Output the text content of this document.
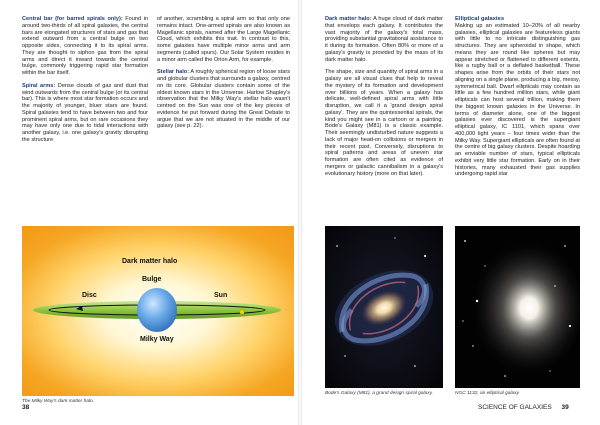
Central bar (for barred spirals only): Found in around two-thirds of all spiral galaxies, the central bars are elongated structures of stars and gas that extend outward from a central bulge on two opposite sides, connecting it to its spiral arms. They are thought to siphon gas from the spiral arms and direct it inward towards the central bulge, commonly triggering rapid star formation within the bar itself.

Spiral arms: Dense clouds of gas and dust that wind outwards from the central bulge (or its central bar). This is where most star formation occurs and the majority of younger, bluer stars are found. Spiral galaxies tend to have between two and four prominent spiral arms, but on rare occasions they may have only one due to tidal interactions with another galaxy, i.e. one galaxy's gravity disrupting the structure

of another, scrambling a spiral arm so that only one remains intact. One-armed spirals are also known as Magellanic spirals, named after the Large Magellanic Cloud, which exhibits this trait. In contrast to this, some galaxies have multiple minor arms and arm segments (called spurs). Our Solar System resides in a minor arm called the Orion Arm, for example.

Stellar halo: A roughly spherical region of loose stars and globular clusters that surrounds a galaxy, centred on its core. Globular clusters contain some of the oldest known stars in the Universe. Harlow Shapley's observation that the Milky Way's stellar halo wasn't centred on the Sun was one of the key pieces of evidence he put forward during the Great Debate to argue that we are not situated in the middle of our galaxy (see p. 22).

Dark matter halo
Bulge
Disc	Sun
Milky Way
The Milky Way's dark matter halo.
38

Dark matter halo: A huge cloud of dark matter that envelops each galaxy. It contributes the vast majority of the galaxy's total mass, providing substantial gravitational assistance to it during its formation. Often 80% or more of a galaxy's gravity is provided by the mass of its dark matter halo.

The shape, size and quantity of spiral arms in a galaxy are all visual clues that help to reveal the mystery of its formation and development over billions of years. When a galaxy has delicate, well-defined spiral arms with little disruption, we call it a 'grand design spiral galaxy'. They are the quintessential spirals, the kind you might see in a cartoon or a painting. Bode's Galaxy (M81) is a classic example. Their seemingly undisturbed nature suggests a lack of major head-on collisions or mergers in their recent past. Conversely, disruptions to spiral patterns and areas of uneven star formation are often cited as evidence of mergers or galactic cannibalism in a galaxy's evolutionary history (more on that later).

Elliptical galaxies

Making up an estimated 10–20% of all nearby galaxies, elliptical galaxies are featureless giants with little to no intricate distinguishing gas structures. They are spheroidal in shape, which means they are round like spheres but may appear stretched or flattened to different extents, like a rugby ball or a deflated basketball. These shapes arise from the orbits of their stars not aligning on a single plane, producing a big, messy, symmetrical ball. Dwarf ellipticals may contain as little as a few hundred million stars, while giant ellipticals can host several trillion, making them the biggest known galaxies in the Universe. In terms of diameter alone, one of the biggest galaxies ever discovered is the supergiant elliptical galaxy, IC 1101, which spans over 400,000 light years – four times wider than the Milky Way. Supergiant ellipticals are often found at the centre of big galaxy clusters. Despite hoarding an enviable number of stars, typical ellipticals exhibit very little star formation. Early on in their histories, many exhausted their gas supplies undergoing rapid star

Bode's Galaxy (M81), a grand design spiral galaxy.	NGC 1132, an elliptical galaxy.
SCIENCE OF GALAXIES 39
